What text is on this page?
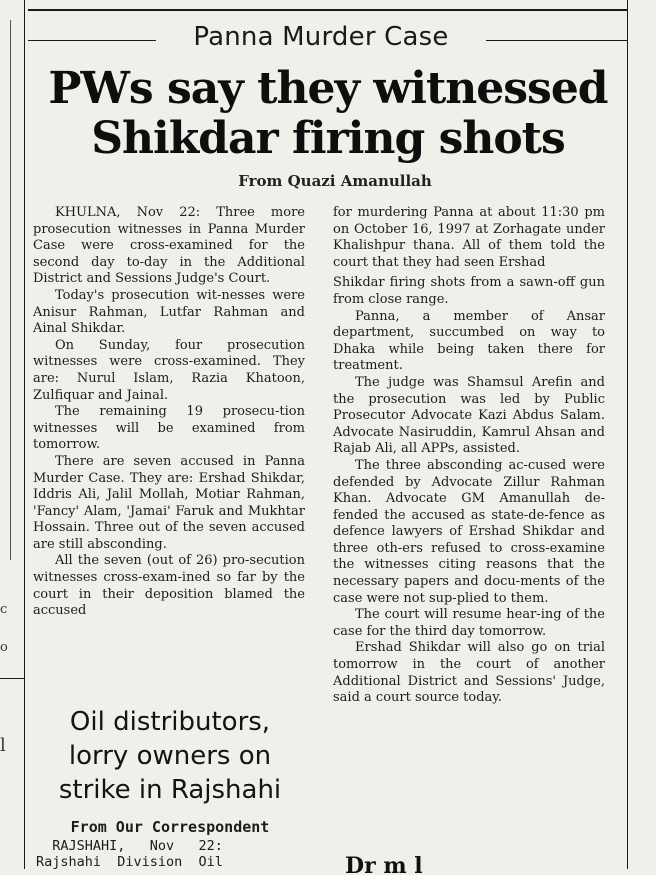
c
o
l
Panna Murder Case
PWs say they witnessed
Shikdar firing shots
From Quazi Amanullah

KHULNA, Nov 22: Three more prosecution witnesses in Panna Murder Case were cross-examined for the second day to-day in the Additional District and Sessions Judge's Court.

Today's prosecution wit-nesses were Anisur Rahman, Lutfar Rahman and Ainal Shikdar.

On Sunday, four prosecution witnesses were cross-examined. They are: Nurul Islam, Razia Khatoon, Zulfiquar and Jainal.

The remaining 19 prosecu-tion witnesses will be examined from tomorrow.

There are seven accused in Panna Murder Case. They are: Ershad Shikdar, Iddris Ali, Jalil Mollah, Motiar Rahman, 'Fancy' Alam, 'Jamai' Faruk and Mukhtar Hossain. Three out of the seven accused are still absconding.

All the seven (out of 26) pro-secution witnesses cross-exam-ined so far by the court in their deposition blamed the accused

for murdering Panna at about 11:30 pm on October 16, 1997 at Zorhagate under Khalishpur thana. All of them told the court that they had seen Ershad

Shikdar firing shots from a sawn-off gun from close range.

Panna, a member of Ansar department, succumbed on way to Dhaka while being taken there for treatment.

The judge was Shamsul Arefin and the prosecution was led by Public Prosecutor Advocate Kazi Abdus Salam. Advocate Nasiruddin, Kamrul Ahsan and Rajab Ali, all APPs, assisted.

The three absconding ac-cused were defended by Advocate Zillur Rahman Khan. Advocate GM Amanullah de-fended the accused as state-de-fence as defence lawyers of Ershad Shikdar and three oth-ers refused to cross-examine the witnesses citing reasons that the necessary papers and docu-ments of the case were not sup-plied to them.

The court will resume hear-ing of the case for the third day tomorrow.

Ershad Shikdar will also go on trial tomorrow in the court of another Additional District and Sessions' Judge, said a court source today.

Oil distributors,
lorry owners on
strike in Rajshahi
From Our Correspondent
RAJSHAHI,   Nov   22:
Rajshahi  Division  Oil	Dr m l
